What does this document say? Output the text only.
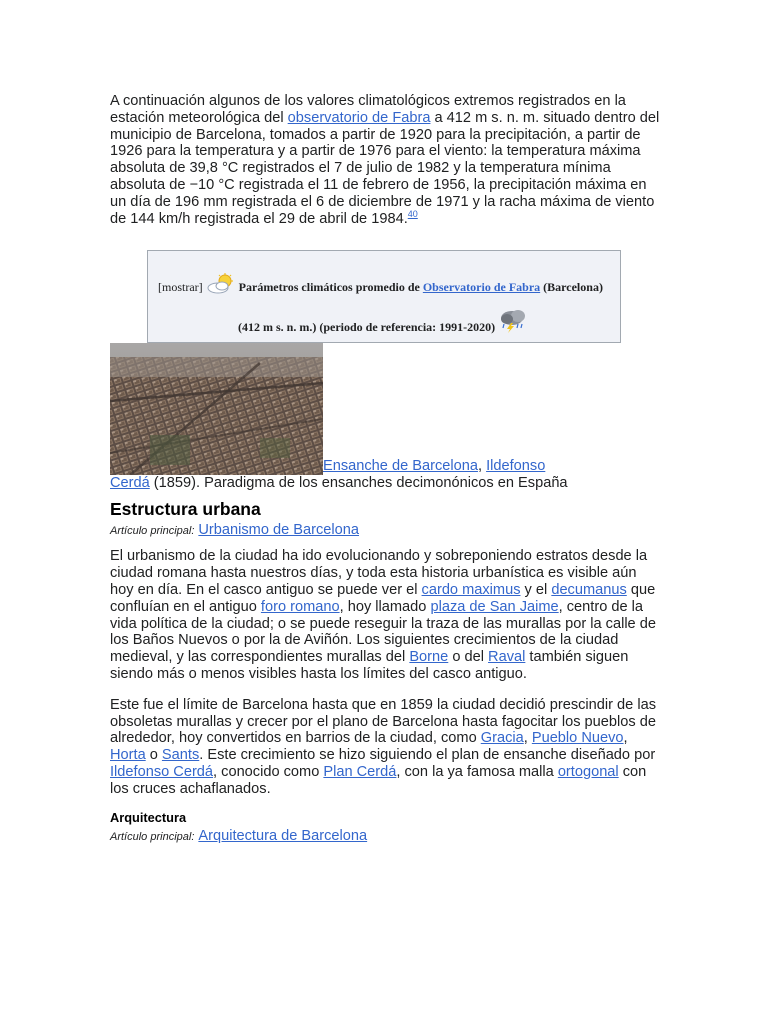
A continuación algunos de los valores climatológicos extremos registrados en la estación meteorológica del observatorio de Fabra a 412 m s. n. m. situado dentro del municipio de Barcelona, tomados a partir de 1920 para la precipitación, a partir de 1926 para la temperatura y a partir de 1976 para el viento: la temperatura máxima absoluta de 39,8 °C registrados el 7 de julio de 1982 y la temperatura mínima absoluta de −10 °C registrada el 11 de febrero de 1956, la precipitación máxima en un día de 196 mm registrada el 6 de diciembre de 1971 y la racha máxima de viento de 144 km/h registrada el 29 de abril de 1984.40

[mostrar]	Parámetros climáticos promedio de Observatorio de Fabra (Barcelona)
(412 m s. n. m.) (periodo de referencia: 1991-2020)
Ensanche de Barcelona, Ildefonso
Cerdá (1859). Paradigma de los ensanches decimonónicos en España
Estructura urbana
Artículo principal: Urbanismo de Barcelona

El urbanismo de la ciudad ha ido evolucionando y sobreponiendo estratos desde la ciudad romana hasta nuestros días, y toda esta historia urbanística es visible aún hoy en día. En el casco antiguo se puede ver el cardo maximus y el decumanus que confluían en el antiguo foro romano, hoy llamado plaza de San Jaime, centro de la vida política de la ciudad; o se puede reseguir la traza de las murallas por la calle de los Baños Nuevos o por la de Aviñón. Los siguientes crecimientos de la ciudad medieval, y las correspondientes murallas del Borne o del Raval también siguen siendo más o menos visibles hasta los límites del casco antiguo.

Este fue el límite de Barcelona hasta que en 1859 la ciudad decidió prescindir de las obsoletas murallas y crecer por el plano de Barcelona hasta fagocitar los pueblos de alrededor, hoy convertidos en barrios de la ciudad, como Gracia, Pueblo Nuevo, Horta o Sants. Este crecimiento se hizo siguiendo el plan de ensanche diseñado por Ildefonso Cerdá, conocido como Plan Cerdá, con la ya famosa malla ortogonal con los cruces achaflanados.

Arquitectura
Artículo principal: Arquitectura de Barcelona
